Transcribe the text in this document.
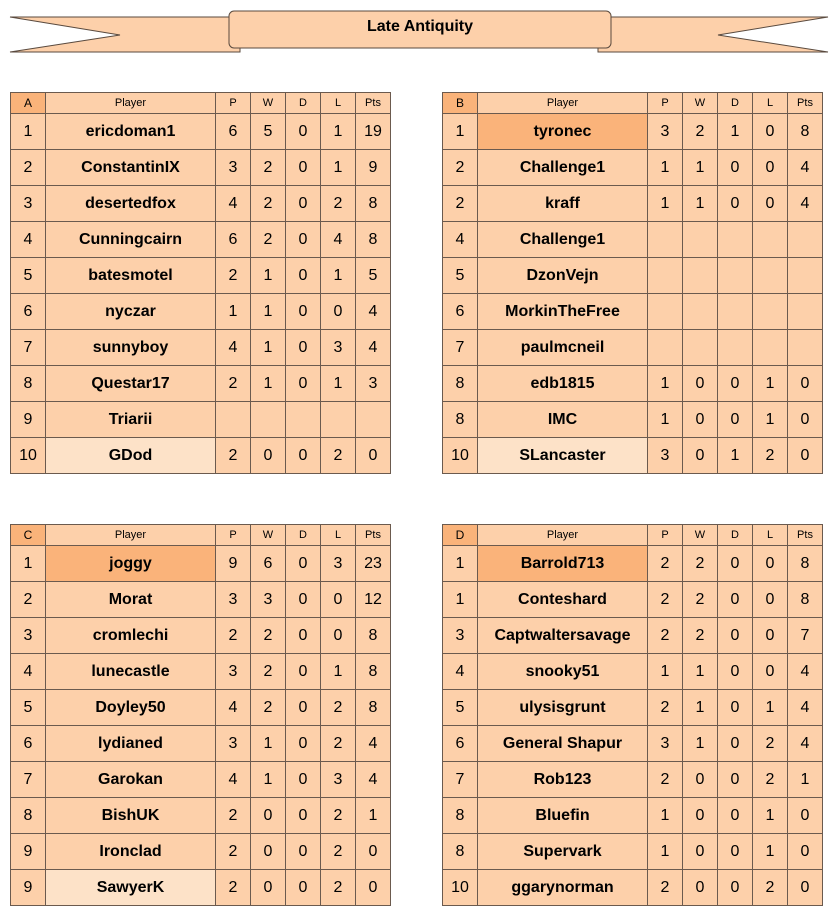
Late Antiquity
A	Player	P	W	D	L	Pts
1	ericdoman1	6	5	0	1	19
2	ConstantinIX	3	2	0	1	9
3	desertedfox	4	2	0	2	8
4	Cunningcairn	6	2	0	4	8
5	batesmotel	2	1	0	1	5
6	nyczar	1	1	0	0	4
7	sunnyboy	4	1	0	3	4
8	Questar17	2	1	0	1	3
9	Triarii					
10	GDod	2	0	0	2	0
B	Player	P	W	D	L	Pts
1	tyronec	3	2	1	0	8
2	Challenge1	1	1	0	0	4
2	kraff	1	1	0	0	4
4	Challenge1					
5	DzonVejn					
6	MorkinTheFree					
7	paulmcneil					
8	edb1815	1	0	0	1	0
8	IMC	1	0	0	1	0
10	SLancaster	3	0	1	2	0
C	Player	P	W	D	L	Pts
1	joggy	9	6	0	3	23
2	Morat	3	3	0	0	12
3	cromlechi	2	2	0	0	8
4	lunecastle	3	2	0	1	8
5	Doyley50	4	2	0	2	8
6	lydianed	3	1	0	2	4
7	Garokan	4	1	0	3	4
8	BishUK	2	0	0	2	1
9	Ironclad	2	0	0	2	0
9	SawyerK	2	0	0	2	0
D	Player	P	W	D	L	Pts
1	Barrold713	2	2	0	0	8
1	Conteshard	2	2	0	0	8
3	Captwaltersavage	2	2	0	0	7
4	snooky51	1	1	0	0	4
5	ulysisgrunt	2	1	0	1	4
6	General Shapur	3	1	0	2	4
7	Rob123	2	0	0	2	1
8	Bluefin	1	0	0	1	0
8	Supervark	1	0	0	1	0
10	ggarynorman	2	0	0	2	0
